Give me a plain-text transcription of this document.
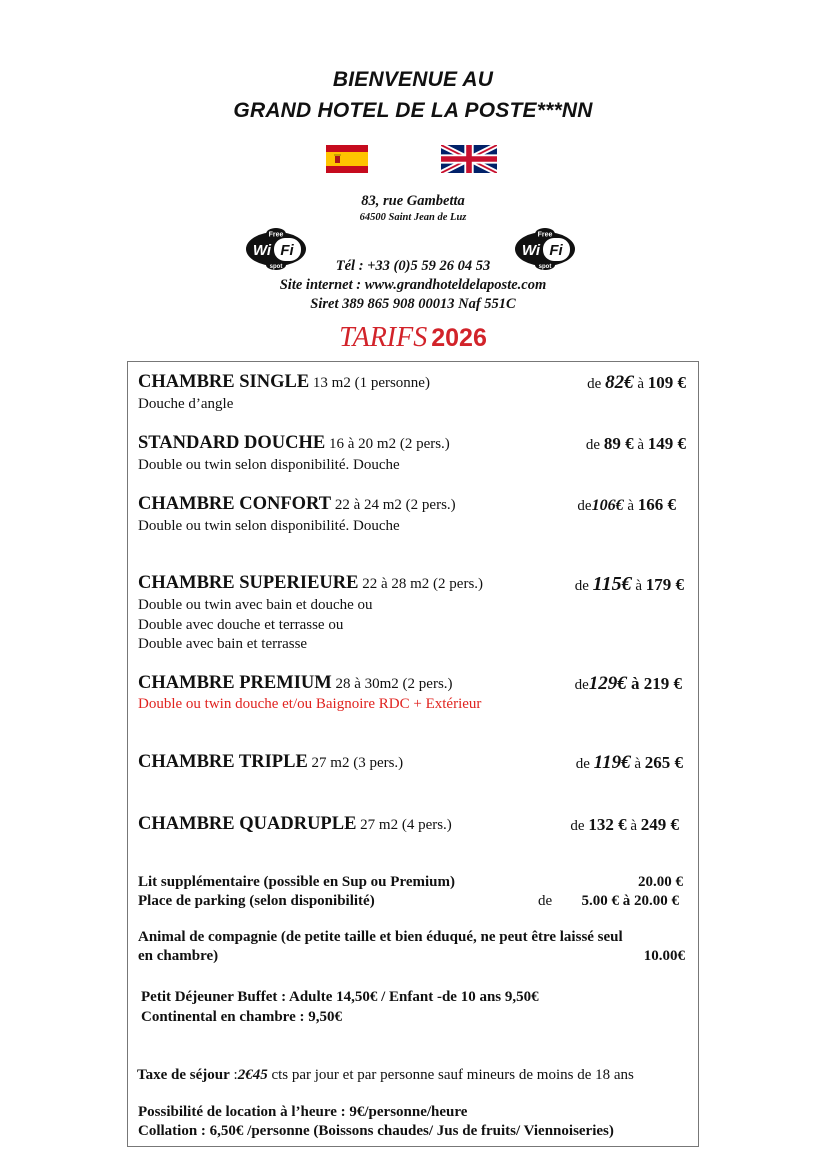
BIENVENUE AU
GRAND HOTEL DE LA POSTE***NN
83, rue Gambetta
64500 Saint Jean de Luz
Free
Wi Fi
spot
Free
Wi Fi
spot
Tél : +33 (0)5 59 26 04 53
Site internet : www.grandhoteldelaposte.com
Siret 389 865 908 00013 Naf 551C
TARIFS 2026
CHAMBRE SINGLE 13 m2 (1 personne)
Douche d’angle
de 82€ à 109 €
STANDARD DOUCHE 16 à 20 m2 (2 pers.)
Double ou twin selon disponibilité. Douche
de 89 € à 149 €
CHAMBRE CONFORT 22 à 24 m2 (2 pers.)
Double ou twin selon disponibilité. Douche
de106€ à 166 €
CHAMBRE SUPERIEURE 22 à 28 m2 (2 pers.)
Double ou twin avec bain et douche ou
Double avec douche et terrasse ou
Double avec bain et terrasse
de 115€ à 179 €
CHAMBRE PREMIUM 28 à 30m2 (2 pers.)
Double ou twin douche et/ou Baignoire RDC + Extérieur
de129€ à 219 €
CHAMBRE TRIPLE 27 m2 (3 pers.)	de 119€ à 265 €
CHAMBRE QUADRUPLE 27 m2 (4 pers.)	de 132 € à 249 €
Lit supplémentaire (possible en Sup ou Premium)	20.00 €
Place de parking (selon disponibilité)	de 5.00 € à 20.00 €
Animal de compagnie (de petite taille et bien éduqué, ne peut être laissé seul
en chambre)	10.00€
Petit Déjeuner Buffet : Adulte 14,50€ / Enfant -de 10 ans 9,50€
Continental en chambre : 9,50€
Taxe de séjour :2€45 cts par jour et par personne sauf mineurs de moins de 18 ans
Possibilité de location à l’heure : 9€/personne/heure
Collation : 6,50€ /personne (Boissons chaudes/ Jus de fruits/ Viennoiseries)
